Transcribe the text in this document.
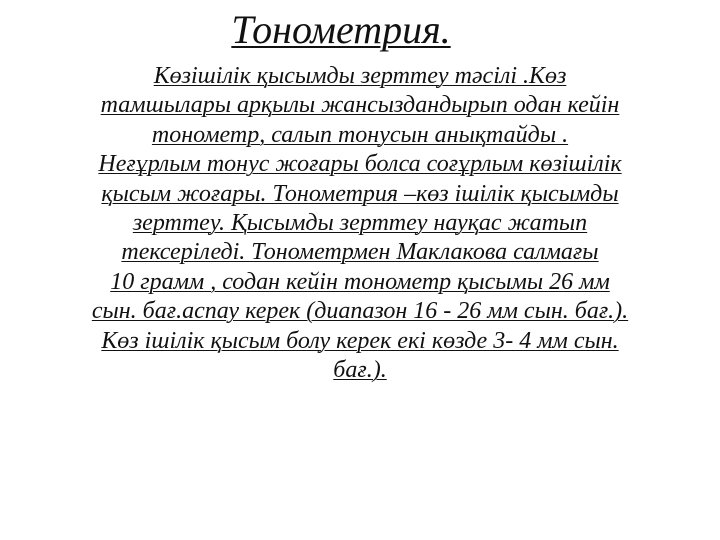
Тонометрия.
Көзішілік қысымды зерттеу тәсілі .Көз
тамшылары арқылы жансыздандырып одан кейін
тонометр, салып тонусын анықтайды .
Неғұрлым тонус жоғары болса соғұрлым көзішілік
қысым жоғары. Тонометрия –көз ішілік қысымды
зерттеу. Қысымды зерттеу науқас жатып
тексеріледі. Тонометрмен Маклакова салмағы
10 грамм , содан кейін тонометр қысымы 26 мм
сын. бағ.аспау керек (диапазон 16 - 26 мм сын. бағ.).
Көз ішілік қысым болу керек екі көзде 3- 4 мм сын.
бағ.).
